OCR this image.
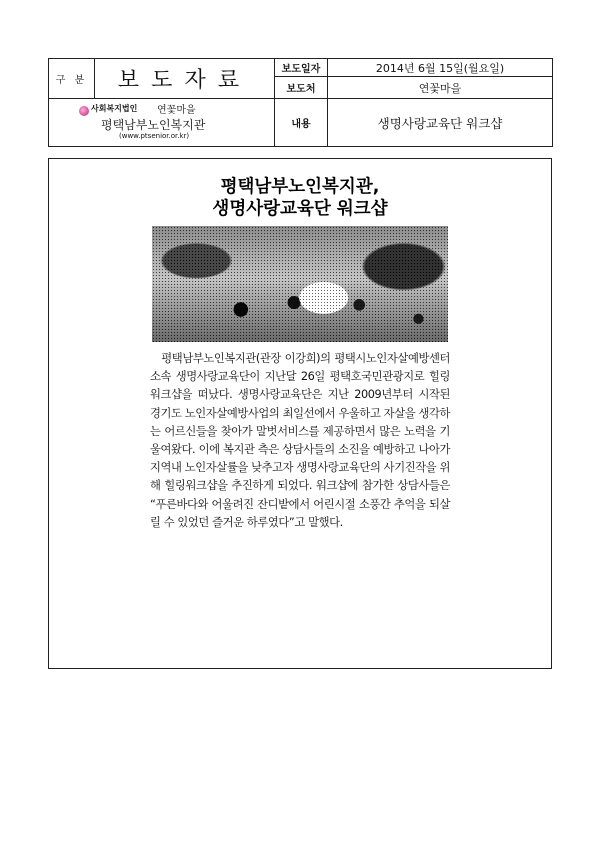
구 분	보도자료	보도일자	2014년 6월 15일(월요일)
		보도처	연꽃마을

사회복지법인 연꽃마을
평택남부노인복지관
(www.ptsenior.or.kr)		내용	생명사랑교육단 워크샵
평택남부노인복지관,
생명사랑교육단 워크샵

평택남부노인복지관(관장 이강희)의 평택시노인자살예방센터 소속 생명사랑교육단이 지난달 26일 평택호국민관광지로 힐링워크샵을 떠났다. 생명사랑교육단은 지난 2009년부터 시작된 경기도 노인자살예방사업의 최일선에서 우울하고 자살을 생각하는 어르신들을 찾아가 말벗서비스를 제공하면서 많은 노력을 기울여왔다. 이에 복지관 측은 상담사들의 소진을 예방하고 나아가 지역내 노인자살률을 낮추고자 생명사랑교육단의 사기진작을 위해 힐링워크샵을 추진하게 되었다. 워크샵에 참가한 상담사들은 “푸른바다와 어울려진 잔디밭에서 어린시절 소풍간 추억을 되살릴 수 있었던 즐거운 하루였다”고 말했다.
